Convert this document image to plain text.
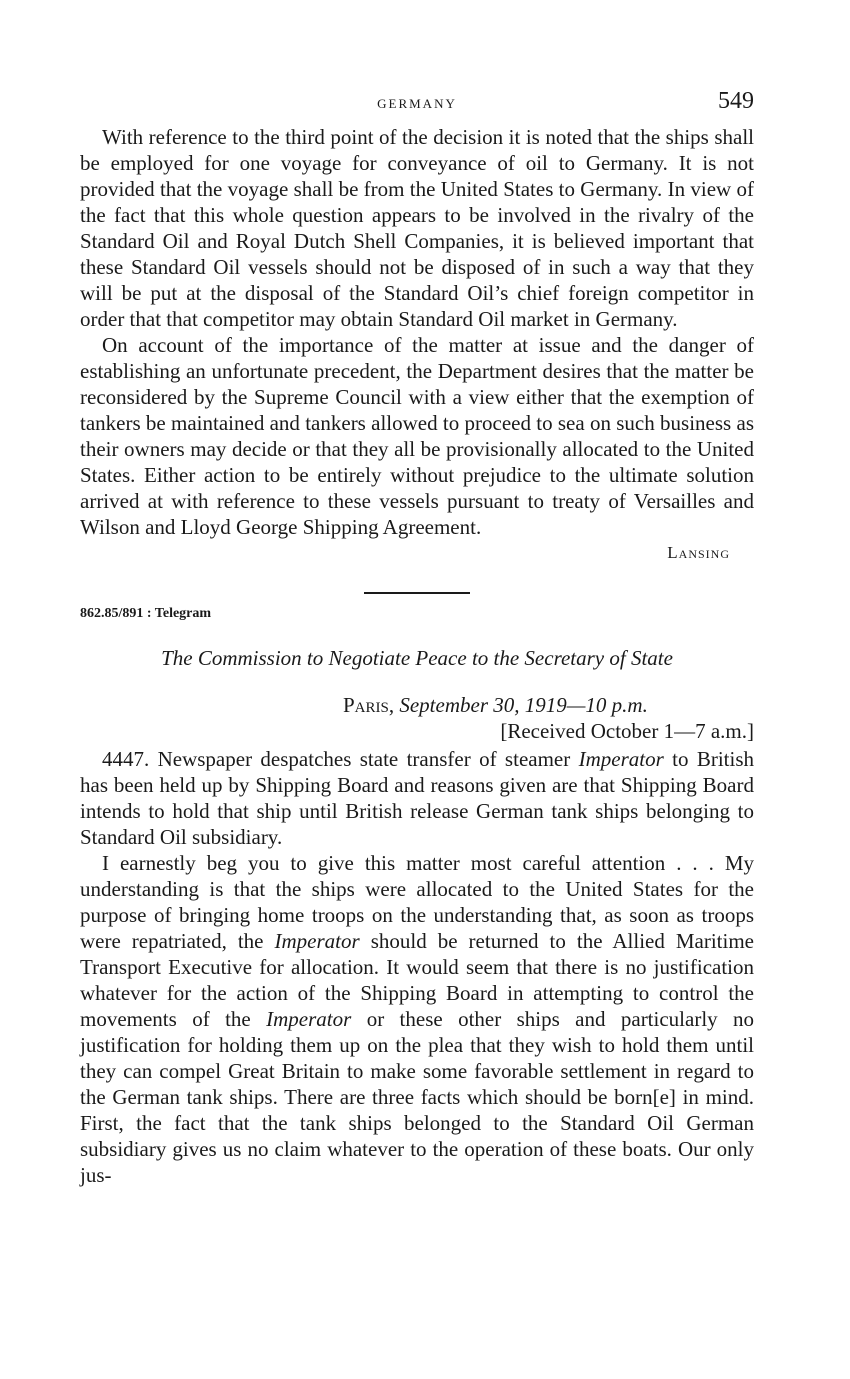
GERMANY	549

With reference to the third point of the decision it is noted that the ships shall be employed for one voyage for conveyance of oil to Germany. It is not provided that the voyage shall be from the United States to Germany. In view of the fact that this whole question appears to be involved in the rivalry of the Standard Oil and Royal Dutch Shell Companies, it is believed important that these Standard Oil vessels should not be disposed of in such a way that they will be put at the disposal of the Standard Oil’s chief foreign competitor in order that that competitor may obtain Standard Oil market in Germany.

On account of the importance of the matter at issue and the danger of establishing an unfortunate precedent, the Department desires that the matter be reconsidered by the Supreme Council with a view either that the exemption of tankers be maintained and tankers allowed to proceed to sea on such business as their owners may decide or that they all be provisionally allocated to the United States. Either action to be entirely without prejudice to the ultimate solution arrived at with reference to these vessels pursuant to treaty of Versailles and Wilson and Lloyd George Shipping Agreement.

Lansing
862.85/891 : Telegram
The Commission to Negotiate Peace to the Secretary of State
Paris, September 30, 1919—10 p.m.
[Received October 1—7 a.m.]

4447. Newspaper despatches state transfer of steamer Imperator to British has been held up by Shipping Board and reasons given are that Shipping Board intends to hold that ship until British release German tank ships belonging to Standard Oil subsidiary.

I earnestly beg you to give this matter most careful attention . . . My understanding is that the ships were allocated to the United States for the purpose of bringing home troops on the understanding that, as soon as troops were repatriated, the Imperator should be returned to the Allied Maritime Transport Executive for allocation. It would seem that there is no justification whatever for the action of the Shipping Board in attempting to control the movements of the Imperator or these other ships and particularly no justification for holding them up on the plea that they wish to hold them until they can compel Great Britain to make some favorable settlement in regard to the German tank ships. There are three facts which should be born[e] in mind. First, the fact that the tank ships belonged to the Standard Oil German subsidiary gives us no claim whatever to the operation of these boats. Our only jus-
